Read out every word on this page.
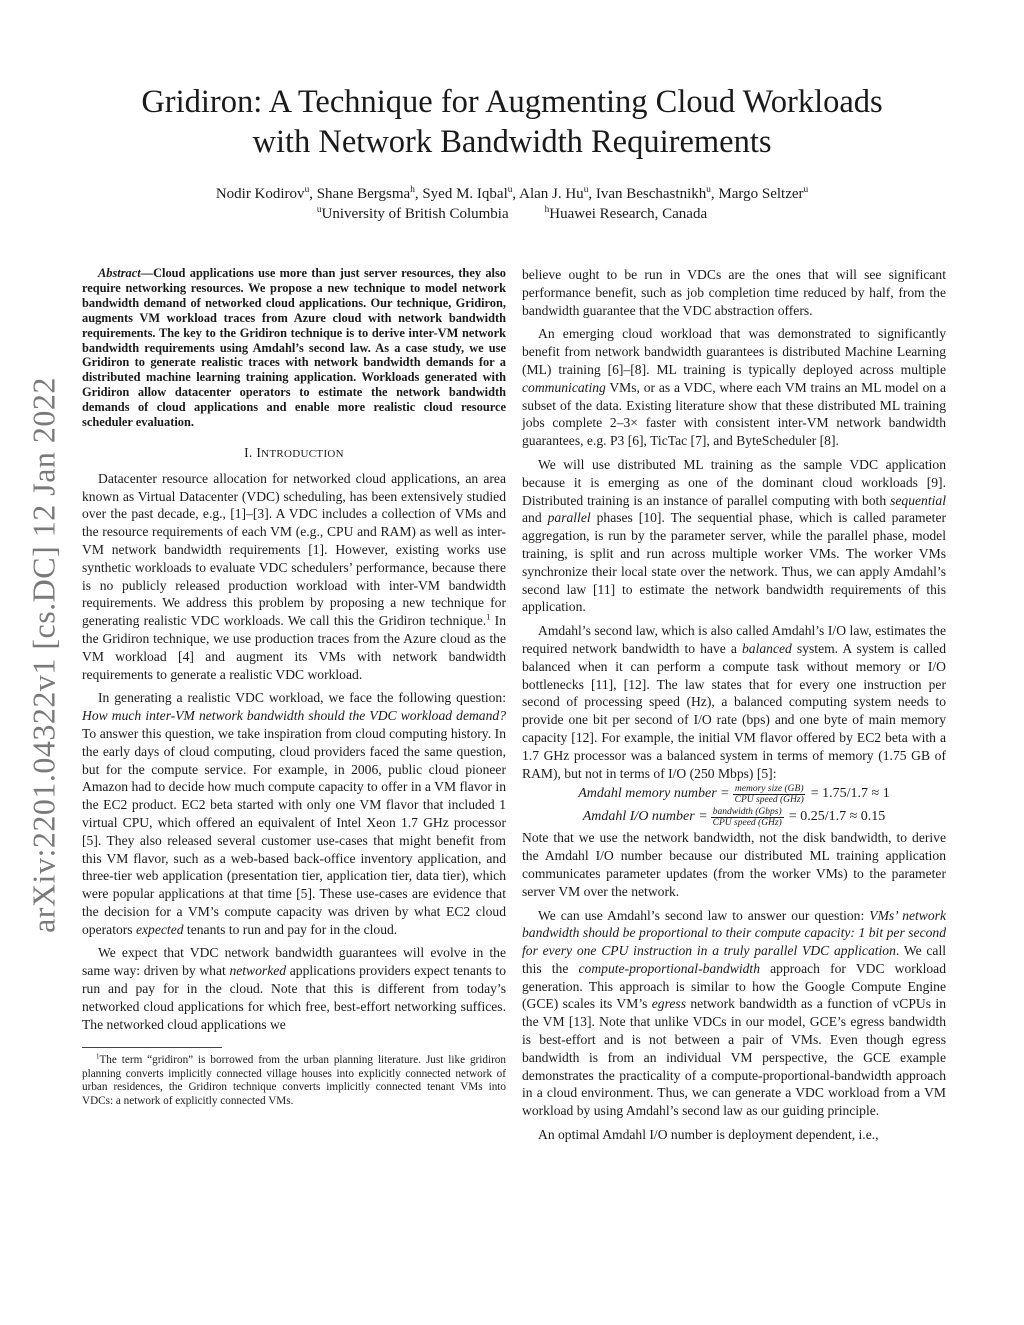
arXiv:2201.04322v1 [cs.DC] 12 Jan 2022
Gridiron: A Technique for Augmenting Cloud Workloads
with Network Bandwidth Requirements
Nodir Kodirov$^u$, Shane Bergsma$^h$, Syed M. Iqbal$^u$, Alan J. Hu$^u$, Ivan Beschastnikh$^u$, Margo Seltzer$^u$
$^u$University of British Columbia	$^h$Huawei Research, Canada

Abstract—Cloud applications use more than just server resources, they also require networking resources. We propose a new technique to model network bandwidth demand of networked cloud applications. Our technique, Gridiron, augments VM workload traces from Azure cloud with network bandwidth requirements. The key to the Gridiron technique is to derive inter-VM network bandwidth requirements using Amdahl’s second law. As a case study, we use Gridiron to generate realistic traces with network bandwidth demands for a distributed machine learning training application. Workloads generated with Gridiron allow datacenter operators to estimate the network bandwidth demands of cloud applications and enable more realistic cloud resource scheduler evaluation.

I. INTRODUCTION

Datacenter resource allocation for networked cloud applications, an area known as Virtual Datacenter (VDC) scheduling, has been extensively studied over the past decade, e.g., [1]–[3]. A VDC includes a collection of VMs and the resource requirements of each VM (e.g., CPU and RAM) as well as inter-VM network bandwidth requirements [1]. However, existing works use synthetic workloads to evaluate VDC schedulers’ performance, because there is no publicly released production workload with inter-VM bandwidth requirements. We address this problem by proposing a new technique for generating realistic VDC workloads. We call this the Gridiron technique.$^1$ In the Gridiron technique, we use production traces from the Azure cloud as the VM workload [4] and augment its VMs with network bandwidth requirements to generate a realistic VDC workload.

In generating a realistic VDC workload, we face the following question: How much inter-VM network bandwidth should the VDC workload demand? To answer this question, we take inspiration from cloud computing history. In the early days of cloud computing, cloud providers faced the same question, but for the compute service. For example, in 2006, public cloud pioneer Amazon had to decide how much compute capacity to offer in a VM flavor in the EC2 product. EC2 beta started with only one VM flavor that included 1 virtual CPU, which offered an equivalent of Intel Xeon 1.7 GHz processor [5]. They also released several customer use-cases that might benefit from this VM flavor, such as a web-based back-office inventory application, and three-tier web application (presentation tier, application tier, data tier), which were popular applications at that time [5]. These use-cases are evidence that the decision for a VM’s compute capacity was driven by what EC2 cloud operators expected tenants to run and pay for in the cloud.

We expect that VDC network bandwidth guarantees will evolve in the same way: driven by what networked applications providers expect tenants to run and pay for in the cloud. Note that this is different from today’s networked cloud applications for which free, best-effort networking suffices. The networked cloud applications we

$^1$The term “gridiron” is borrowed from the urban planning literature. Just like gridiron planning converts implicitly connected village houses into explicitly connected network of urban residences, the Gridiron technique converts implicitly connected tenant VMs into VDCs: a network of explicitly connected VMs.

believe ought to be run in VDCs are the ones that will see significant performance benefit, such as job completion time reduced by half, from the bandwidth guarantee that the VDC abstraction offers.

An emerging cloud workload that was demonstrated to significantly benefit from network bandwidth guarantees is distributed Machine Learning (ML) training [6]–[8]. ML training is typically deployed across multiple communicating VMs, or as a VDC, where each VM trains an ML model on a subset of the data. Existing literature show that these distributed ML training jobs complete 2–3× faster with consistent inter-VM network bandwidth guarantees, e.g. P3 [6], TicTac [7], and ByteScheduler [8].

We will use distributed ML training as the sample VDC application because it is emerging as one of the dominant cloud workloads [9]. Distributed training is an instance of parallel computing with both sequential and parallel phases [10]. The sequential phase, which is called parameter aggregation, is run by the parameter server, while the parallel phase, model training, is split and run across multiple worker VMs. The worker VMs synchronize their local state over the network. Thus, we can apply Amdahl’s second law [11] to estimate the network bandwidth requirements of this application.

Amdahl’s second law, which is also called Amdahl’s I/O law, estimates the required network bandwidth to have a balanced system. A system is called balanced when it can perform a compute task without memory or I/O bottlenecks [11], [12]. The law states that for every one instruction per second of processing speed (Hz), a balanced computing system needs to provide one bit per second of I/O rate (bps) and one byte of main memory capacity [12]. For example, the initial VM flavor offered by EC2 beta with a 1.7 GHz processor was a balanced system in terms of memory (1.75 GB of RAM), but not in terms of I/O (250 Mbps) [5]:

Amdahl memory number = $\frac{\text{memory size (GB)}}{\text{CPU speed (GHz)}} = 1.75/1.7 \approx 1$
Amdahl I/O number = $\frac{\text{bandwidth (Gbps)}}{\text{CPU speed (GHz)}} = 0.25/1.7 \approx 0.15$

Note that we use the network bandwidth, not the disk bandwidth, to derive the Amdahl I/O number because our distributed ML training application communicates parameter updates (from the worker VMs) to the parameter server VM over the network.

We can use Amdahl’s second law to answer our question: VMs’ network bandwidth should be proportional to their compute capacity: 1 bit per second for every one CPU instruction in a truly parallel VDC application. We call this the compute-proportional-bandwidth approach for VDC workload generation. This approach is similar to how the Google Compute Engine (GCE) scales its VM’s egress network bandwidth as a function of vCPUs in the VM [13]. Note that unlike VDCs in our model, GCE’s egress bandwidth is best-effort and is not between a pair of VMs. Even though egress bandwidth is from an individual VM perspective, the GCE example demonstrates the practicality of a compute-proportional-bandwidth approach in a cloud environment. Thus, we can generate a VDC workload from a VM workload by using Amdahl’s second law as our guiding principle.

An optimal Amdahl I/O number is deployment dependent, i.e.,
